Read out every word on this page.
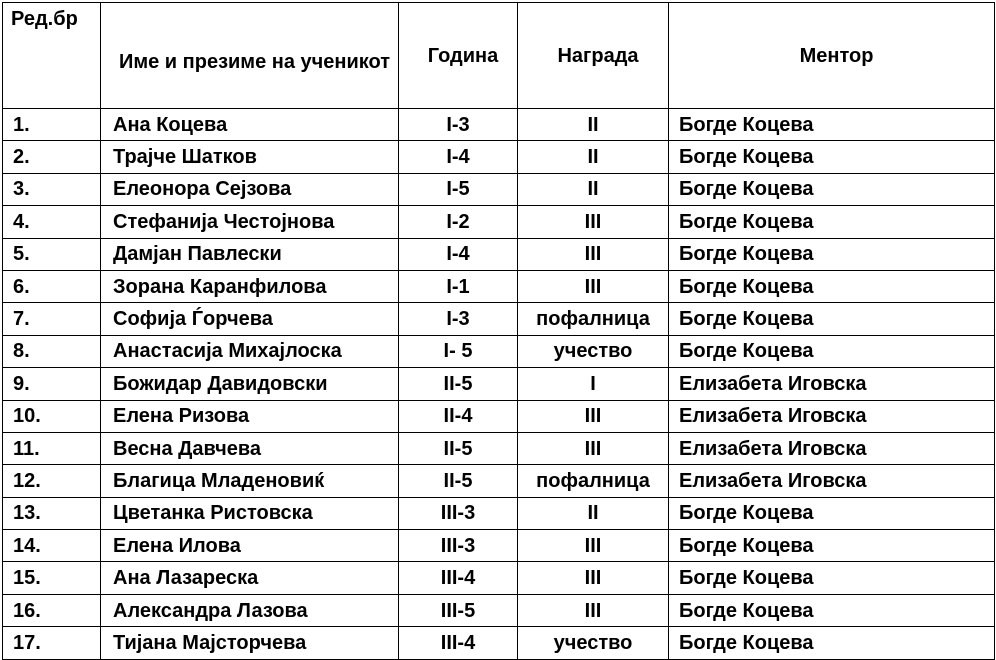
Ред.бр	Име и презиме на ученикот	Година	Награда	Ментор
1.	Ана Коцева	I-3	II	Богде Коцева
2.	Трајче Шатков	I-4	II	Богде Коцева
3.	Елеонора Сејзова	I-5	II	Богде Коцева
4.	Стефанија Честојнова	I-2	III	Богде Коцева
5.	Дамјан Павлески	I-4	III	Богде Коцева
6.	Зорана Каранфилова	I-1	III	Богде Коцева
7.	Софија Ѓорчева	I-3	пофалница	Богде Коцева
8.	Анастасија Михајлоска	I- 5	учество	Богде Коцева
9.	Божидар Давидовски	II-5	I	Елизабета Иговска
10.	Елена Ризова	II-4	III	Елизабета Иговска
11.	Весна Давчева	II-5	III	Елизабета Иговска
12.	Благица Младеновиќ	II-5	пофалница	Елизабета Иговска
13.	Цветанка Ристовска	III-3	II	Богде Коцева
14.	Елена Илова	III-3	III	Богде Коцева
15.	Ана Лазареска	III-4	III	Богде Коцева
16.	Александра Лазова	III-5	III	Богде Коцева
17.	Тијана Мајсторчева	III-4	учество	Богде Коцева
